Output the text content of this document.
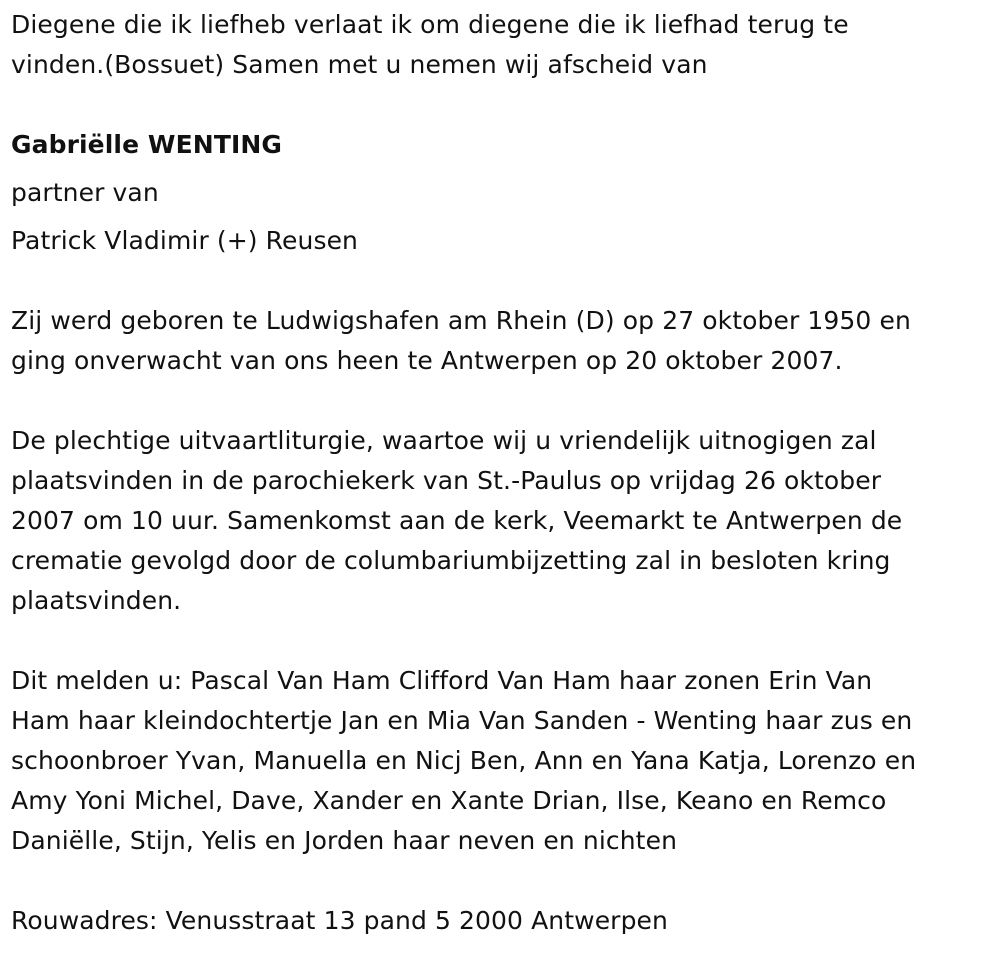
Diegene die ik liefheb verlaat ik om diegene die ik liefhad terug te
vinden.(Bossuet) Samen met u nemen wij afscheid van
Gabriëlle WENTING
partner van
Patrick Vladimir (+) Reusen
Zij werd geboren te Ludwigshafen am Rhein (D) op 27 oktober 1950 en
ging onverwacht van ons heen te Antwerpen op 20 oktober 2007.
De plechtige uitvaartliturgie, waartoe wij u vriendelijk uitnogigen zal
plaatsvinden in de parochiekerk van St.-Paulus op vrijdag 26 oktober
2007 om 10 uur. Samenkomst aan de kerk, Veemarkt te Antwerpen de
crematie gevolgd door de columbariumbijzetting zal in besloten kring
plaatsvinden.
Dit melden u: Pascal Van Ham Clifford Van Ham haar zonen Erin Van
Ham haar kleindochtertje Jan en Mia Van Sanden - Wenting haar zus en
schoonbroer Yvan, Manuella en Nicj Ben, Ann en Yana Katja, Lorenzo en
Amy Yoni Michel, Dave, Xander en Xante Drian, Ilse, Keano en Remco
Daniëlle, Stijn, Yelis en Jorden haar neven en nichten
Rouwadres: Venusstraat 13 pand 5 2000 Antwerpen
